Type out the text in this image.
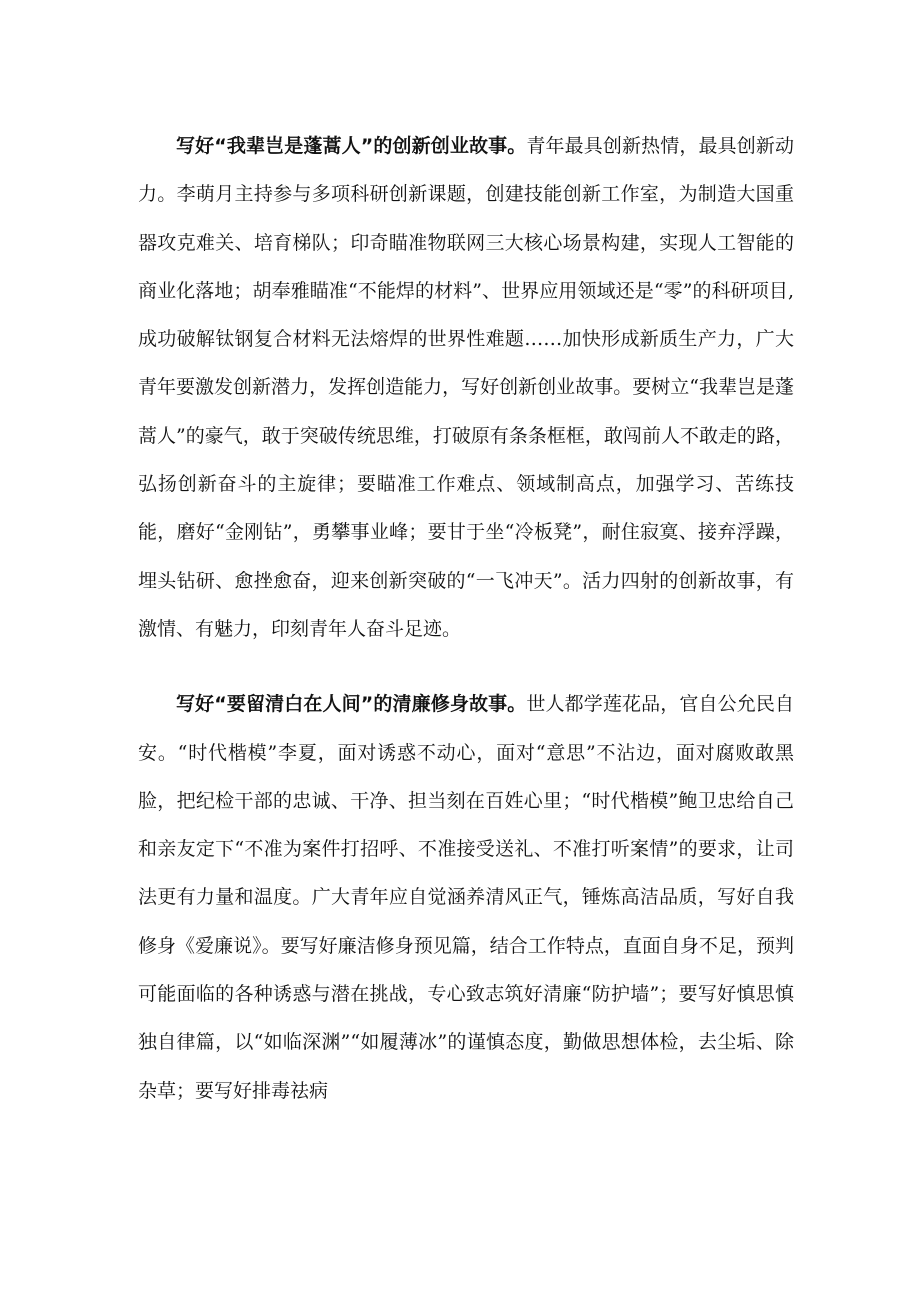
写好“我辈岂是蓬蒿人”的创新创业故事。青年最具创新热情，最具创新动力。李萌月主持参与多项科研创新课题，创建技能创新工作室，为制造大国重器攻克难关、培育梯队；印奇瞄准物联网三大核心场景构建，实现人工智能的商业化落地；胡奉雅瞄准“不能焊的材料”、世界应用领域还是“零”的科研项目,成功破解钛钢复合材料无法熔焊的世界性难题……加快形成新质生产力，广大青年要激发创新潜力，发挥创造能力，写好创新创业故事。要树立“我辈岂是蓬蒿人”的豪气，敢于突破传统思维，打破原有条条框框，敢闯前人不敢走的路，弘扬创新奋斗的主旋律；要瞄准工作难点、领域制高点，加强学习、苦练技能，磨好“金刚钻”，勇攀事业峰；要甘于坐“冷板凳”，耐住寂寞、接弃浮躁，埋头钻研、愈挫愈奋，迎来创新突破的“一飞冲天”。活力四射的创新故事，有激情、有魅力，印刻青年人奋斗足迹。

写好“要留清白在人间”的清廉修身故事。世人都学莲花品，官自公允民自安。“时代楷模”李夏，面对诱惑不动心，面对“意思”不沾边，面对腐败敢黑脸，把纪检干部的忠诚、干净、担当刻在百姓心里；“时代楷模”鲍卫忠给自己和亲友定下“不准为案件打招呼、不准接受送礼、不准打听案情”的要求，让司法更有力量和温度。广大青年应自觉涵养清风正气，锤炼高洁品质，写好自我修身《爱廉说》。要写好廉洁修身预见篇，结合工作特点，直面自身不足，预判可能面临的各种诱惑与潜在挑战，专心致志筑好清廉“防护墙”；要写好慎思慎独自律篇，以“如临深渊”“如履薄冰”的谨慎态度，勤做思想体检，去尘垢、除杂草；要写好排毒祛病
